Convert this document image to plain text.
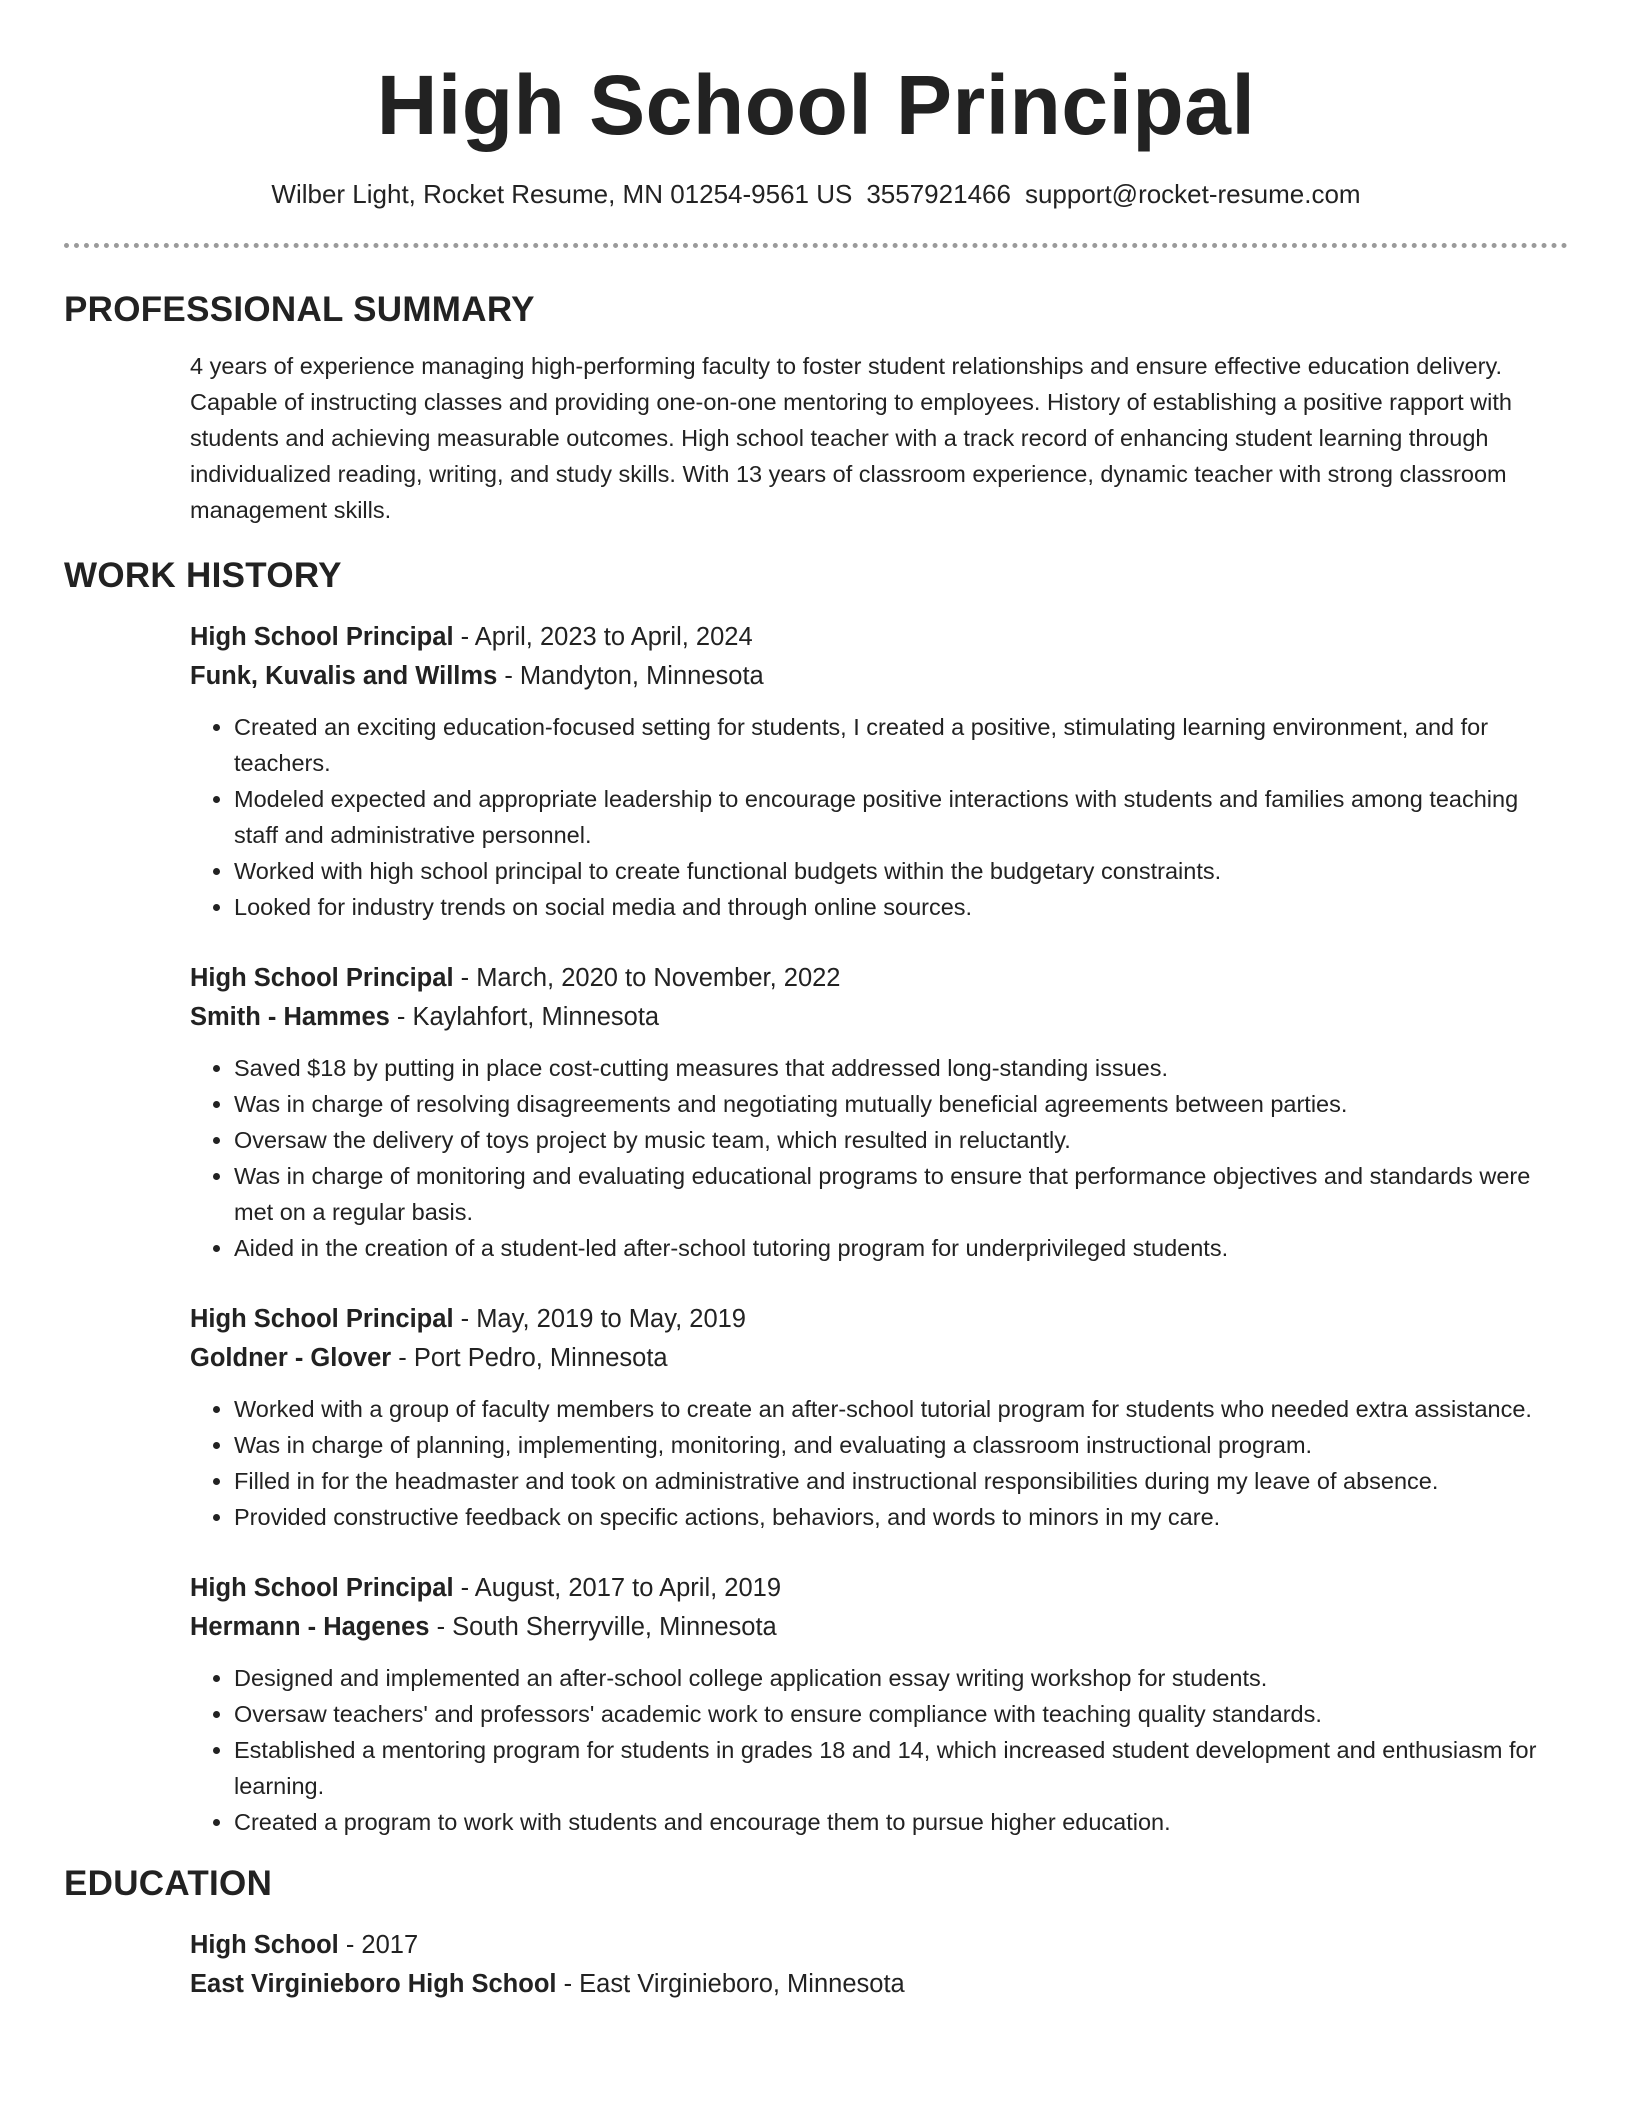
High School Principal
Wilber Light, Rocket Resume, MN 01254-9561 US 3557921466 support@rocket-resume.com
PROFESSIONAL SUMMARY

4 years of experience managing high-performing faculty to foster student relationships and ensure effective education delivery. Capable of instructing classes and providing one-on-one mentoring to employees. History of establishing a positive rapport with students and achieving measurable outcomes. High school teacher with a track record of enhancing student learning through individualized reading, writing, and study skills. With 13 years of classroom experience, dynamic teacher with strong classroom management skills.

WORK HISTORY
High School Principal - April, 2023 to April, 2024
Funk, Kuvalis and Willms - Mandyton, Minnesota
• Created an exciting education-focused setting for students, I created a positive, stimulating learning environment, and for teachers.
• Modeled expected and appropriate leadership to encourage positive interactions with students and families among teaching staff and administrative personnel.
• Worked with high school principal to create functional budgets within the budgetary constraints.
• Looked for industry trends on social media and through online sources.
High School Principal - March, 2020 to November, 2022
Smith - Hammes - Kaylahfort, Minnesota
• Saved $18 by putting in place cost-cutting measures that addressed long-standing issues.
• Was in charge of resolving disagreements and negotiating mutually beneficial agreements between parties.
• Oversaw the delivery of toys project by music team, which resulted in reluctantly.
• Was in charge of monitoring and evaluating educational programs to ensure that performance objectives and standards were met on a regular basis.
• Aided in the creation of a student-led after-school tutoring program for underprivileged students.
High School Principal - May, 2019 to May, 2019
Goldner - Glover - Port Pedro, Minnesota
• Worked with a group of faculty members to create an after-school tutorial program for students who needed extra assistance.
• Was in charge of planning, implementing, monitoring, and evaluating a classroom instructional program.
• Filled in for the headmaster and took on administrative and instructional responsibilities during my leave of absence.
• Provided constructive feedback on specific actions, behaviors, and words to minors in my care.
High School Principal - August, 2017 to April, 2019
Hermann - Hagenes - South Sherryville, Minnesota
• Designed and implemented an after-school college application essay writing workshop for students.
• Oversaw teachers' and professors' academic work to ensure compliance with teaching quality standards.
• Established a mentoring program for students in grades 18 and 14, which increased student development and enthusiasm for learning.
• Created a program to work with students and encourage them to pursue higher education.
EDUCATION
High School - 2017
East Virginieboro High School - East Virginieboro, Minnesota
